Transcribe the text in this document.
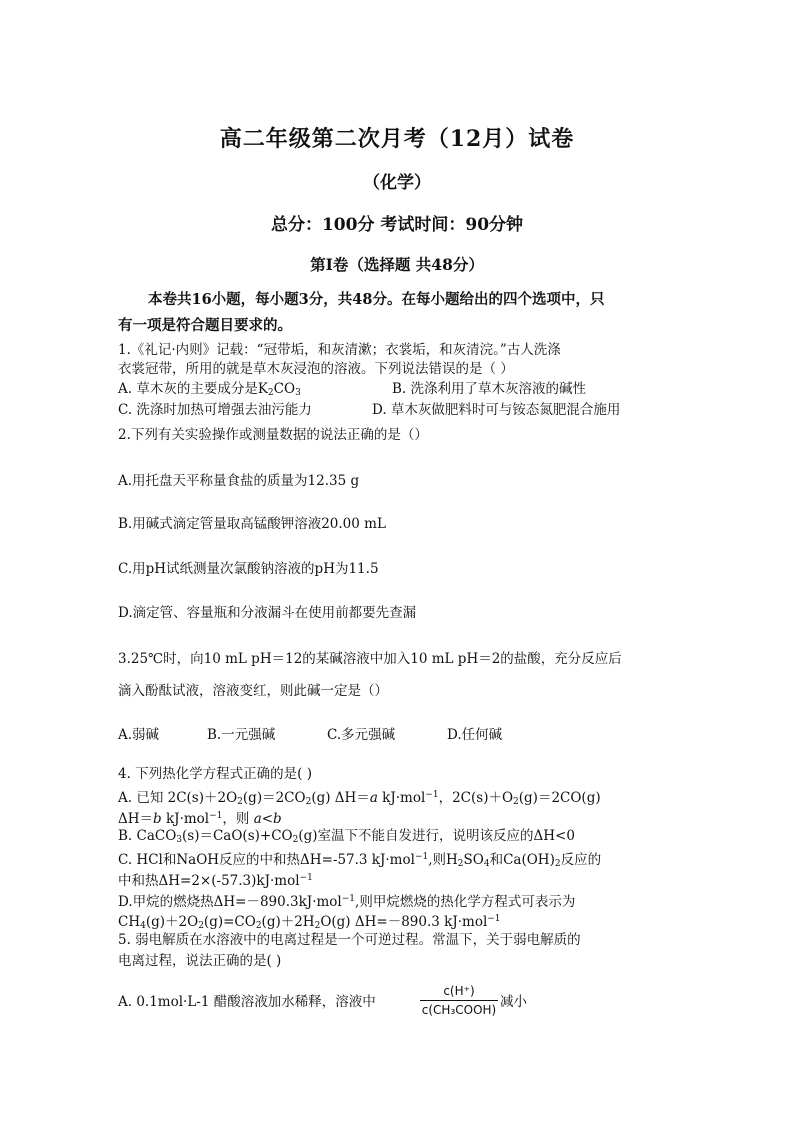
高二年级第二次月考（12月）试卷
（化学）
总分：100分 考试时间：90分钟
第Ⅰ卷（选择题 共48分）
本卷共16小题，每小题3分，共48分。在每小题给出的四个选项中，只
有一项是符合题目要求的。
1.《礼记·内则》记载：“冠带垢，和灰清漱；衣裳垢，和灰清浣。”古人洗涤
衣裳冠带，所用的就是草木灰浸泡的溶液。下列说法错误的是（ ）
A. 草木灰的主要成分是$K_2CO_3$	B. 洗涤利用了草木灰溶液的碱性
C. 洗涤时加热可增强去油污能力	D. 草木灰做肥料时可与铵态氮肥混合施用
2.下列有关实验操作或测量数据的说法正确的是（）
A.用托盘天平称量食盐的质量为12.35 g
B.用碱式滴定管量取高锰酸钾溶液20.00 mL
C.用pH试纸测量次氯酸钠溶液的pH为11.5
D.滴定管、容量瓶和分液漏斗在使用前都要先查漏
3.25℃时，向10 mL pH＝12的某碱溶液中加入10 mL pH＝2的盐酸，充分反应后
滴入酚酞试液，溶液变红，则此碱一定是（）
A.弱碱	B.一元强碱	C.多元强碱	D.任何碱
4. 下列热化学方程式正确的是( )
A. 已知 $2C(s)+2O_2(g)=2CO_2(g)$ ΔH＝a kJ·mol$^{-1}$，$2C(s)+O_2(g)=2CO(g)$
ΔH＝b kJ·mol$^{-1}$，则 a<b
B. $CaCO_3(s)=CaO(s)+CO_2(g)$室温下不能自发进行，说明该反应的ΔH<0
C. HCl和NaOH反应的中和热ΔH=-57.3 kJ·mol$^{-1}$,则$H_2SO_4$和$Ca(OH)_2$反应的
中和热ΔH=2×(-57.3)kJ·mol$^{-1}$
D.甲烷的燃烧热ΔH=－890.3kJ·mol$^{-1}$,则甲烷燃烧的热化学方程式可表示为
$CH_4(g)+2O_2(g)=CO_2(g)+2H_2O(g)$ ΔH=－890.3 kJ·mol$^{-1}$
5. 弱电解质在水溶液中的电离过程是一个可逆过程。常温下，关于弱电解质的
电离过程，说法正确的是( )
A. 0.1mol·L-1 醋酸溶液加水稀释，溶液中
c(H⁺)
c(CH₃COOH) 减小
